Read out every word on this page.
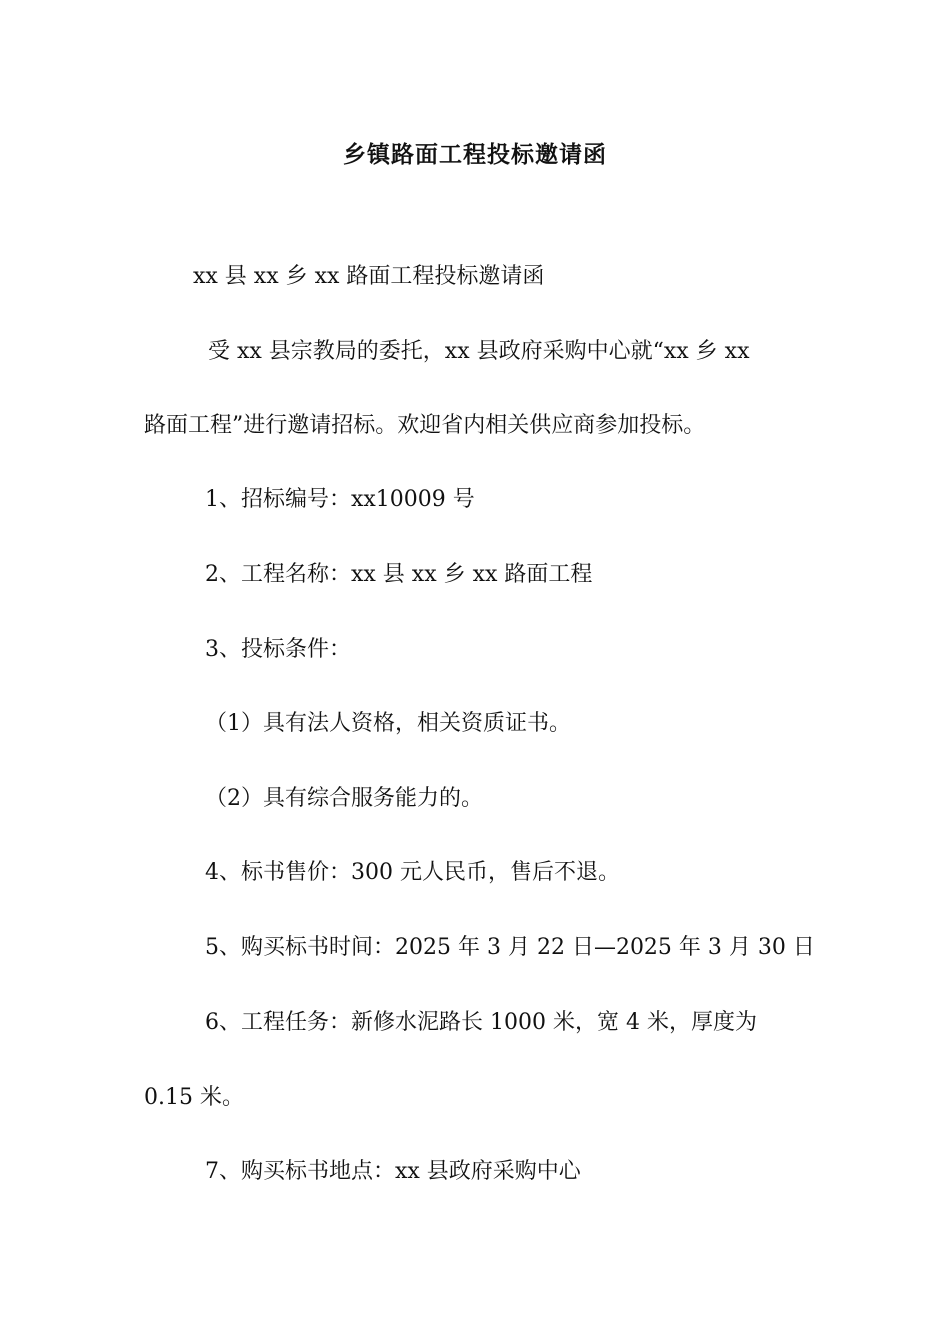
乡镇路面工程投标邀请函
xx 县 xx 乡 xx 路面工程投标邀请函
受 xx 县宗教局的委托，xx 县政府采购中心就“xx 乡 xx
路面工程”进行邀请招标。欢迎省内相关供应商参加投标。
1、招标编号：xx10009 号
2、工程名称：xx 县 xx 乡 xx 路面工程
3、投标条件：
（1）具有法人资格，相关资质证书。
（2）具有综合服务能力的。
4、标书售价：300 元人民币，售后不退。
5、购买标书时间：2025 年 3 月 22 日—2025 年 3 月 30 日
6、工程任务：新修水泥路长 1000 米，宽 4 米，厚度为
0.15 米。
7、购买标书地点：xx 县政府采购中心
